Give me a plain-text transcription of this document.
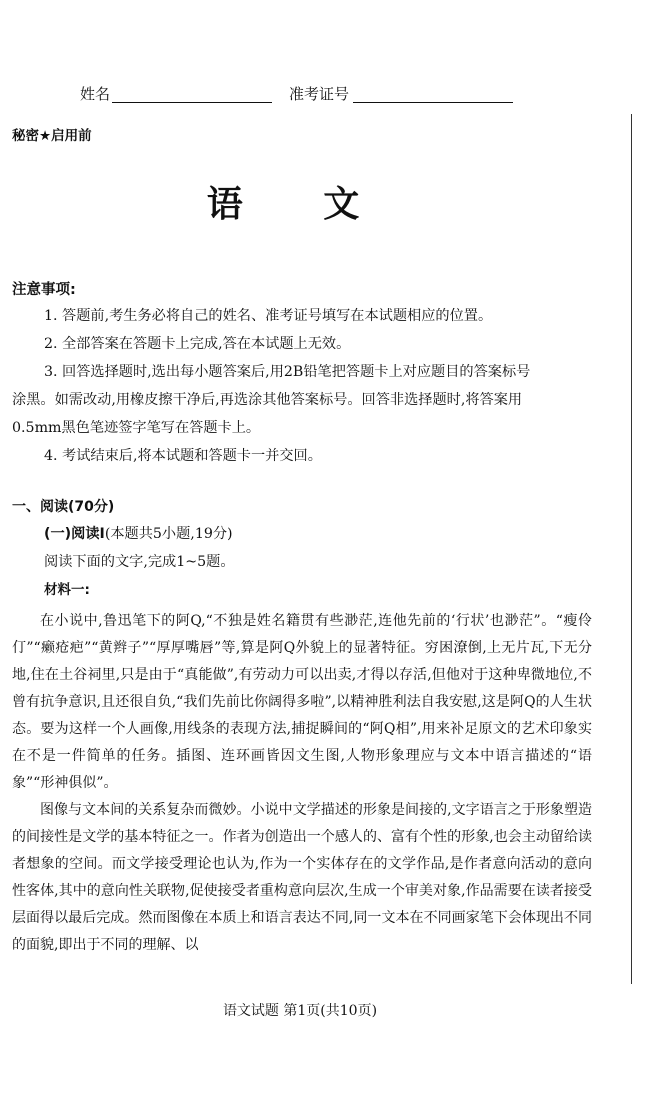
姓名	准考证号
秘密★启用前
语 文
注意事项:
1. 答题前,考生务必将自己的姓名、准考证号填写在本试题相应的位置。
2. 全部答案在答题卡上完成,答在本试题上无效。
3. 回答选择题时,选出每小题答案后,用2B铅笔把答题卡上对应题目的答案标号
涂黑。如需改动,用橡皮擦干净后,再选涂其他答案标号。回答非选择题时,将答案用
0.5mm黑色笔迹签字笔写在答题卡上。
4. 考试结束后,将本试题和答题卡一并交回。
一、阅读(70分)
(一)阅读Ⅰ(本题共5小题,19分)
阅读下面的文字,完成1~5题。
材料一:

在小说中,鲁迅笔下的阿Q,“不独是姓名籍贯有些渺茫,连他先前的‘行状’也渺茫”。“瘦伶仃”“癞疮疤”“黄辫子”“厚厚嘴唇”等,算是阿Q外貌上的显著特征。穷困潦倒,上无片瓦,下无分地,住在土谷祠里,只是由于“真能做”,有劳动力可以出卖,才得以存活,但他对于这种卑微地位,不曾有抗争意识,且还很自负,“我们先前比你阔得多啦”,以精神胜利法自我安慰,这是阿Q的人生状态。要为这样一个人画像,用线条的表现方法,捕捉瞬间的“阿Q相”,用来补足原文的艺术印象实在不是一件简单的任务。插图、连环画皆因文生图,人物形象理应与文本中语言描述的“语象”“形神俱似”。

图像与文本间的关系复杂而微妙。小说中文学描述的形象是间接的,文字语言之于形象塑造的间接性是文学的基本特征之一。作者为创造出一个感人的、富有个性的形象,也会主动留给读者想象的空间。而文学接受理论也认为,作为一个实体存在的文学作品,是作者意向活动的意向性客体,其中的意向性关联物,促使接受者重构意向层次,生成一个审美对象,作品需要在读者接受层面得以最后完成。然而图像在本质上和语言表达不同,同一文本在不同画家笔下会体现出不同的面貌,即出于不同的理解、以

语文试题 第1页(共10页)
